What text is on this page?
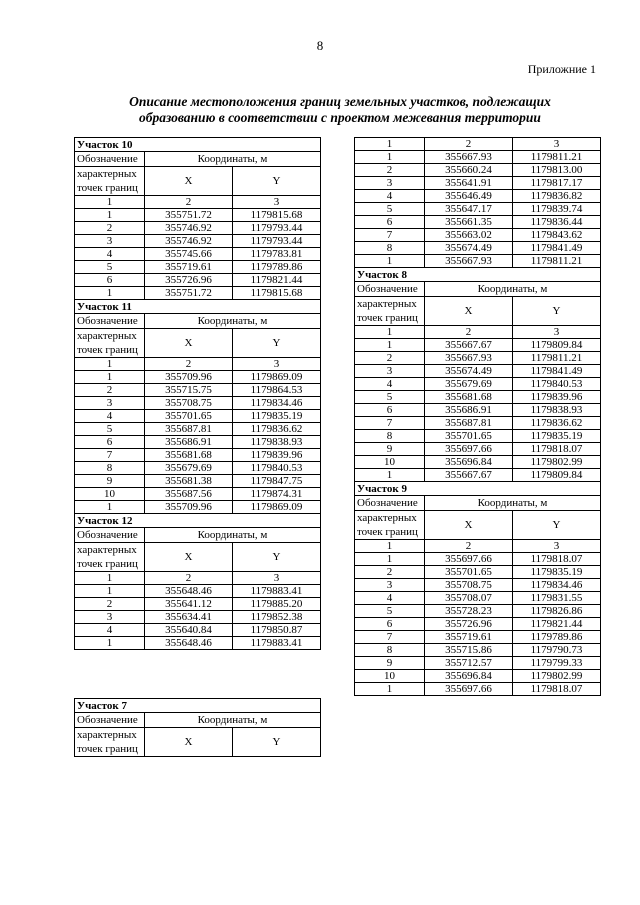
8
Приложние 1
Описание местоположения границ земельных участков, подлежащих
образованию в соответствии с проектом межевания территории
Участок 10		
Обозначение	Координаты, м	

характерных
точек границ	X	Y
1	2	3
1	355751.72	1179815.68
2	355746.92	1179793.44
3	355746.92	1179793.44
4	355745.66	1179783.81
5	355719.61	1179789.86
6	355726.96	1179821.44
1	355751.72	1179815.68
Участок 11		
Обозначение	Координаты, м	

характерных
точек границ	X	Y
1	2	3
1	355709.96	1179869.09
2	355715.75	1179864.53
3	355708.75	1179834.46
4	355701.65	1179835.19
5	355687.81	1179836.62
6	355686.91	1179838.93
7	355681.68	1179839.96
8	355679.69	1179840.53
9	355681.38	1179847.75
10	355687.56	1179874.31
1	355709.96	1179869.09
Участок 12		
Обозначение	Координаты, м	

характерных
точек границ	X	Y
1	2	3
1	355648.46	1179883.41
2	355641.12	1179885.20
3	355634.41	1179852.38
4	355640.84	1179850.87
1	355648.46	1179883.41
Участок 7		
Обозначение	Координаты, м	

характерных
точек границ	X	Y
1	2	3
1	355667.93	1179811.21
2	355660.24	1179813.00
3	355641.91	1179817.17
4	355646.49	1179836.82
5	355647.17	1179839.74
6	355661.35	1179836.44
7	355663.02	1179843.62
8	355674.49	1179841.49
1	355667.93	1179811.21
Участок 8		
Обозначение	Координаты, м	

характерных
точек границ	X	Y
1	2	3
1	355667.67	1179809.84
2	355667.93	1179811.21
3	355674.49	1179841.49
4	355679.69	1179840.53
5	355681.68	1179839.96
6	355686.91	1179838.93
7	355687.81	1179836.62
8	355701.65	1179835.19
9	355697.66	1179818.07
10	355696.84	1179802.99
1	355667.67	1179809.84
Участок 9		
Обозначение	Координаты, м	

характерных
точек границ	X	Y
1	2	3
1	355697.66	1179818.07
2	355701.65	1179835.19
3	355708.75	1179834.46
4	355708.07	1179831.55
5	355728.23	1179826.86
6	355726.96	1179821.44
7	355719.61	1179789.86
8	355715.86	1179790.73
9	355712.57	1179799.33
10	355696.84	1179802.99
1	355697.66	1179818.07
